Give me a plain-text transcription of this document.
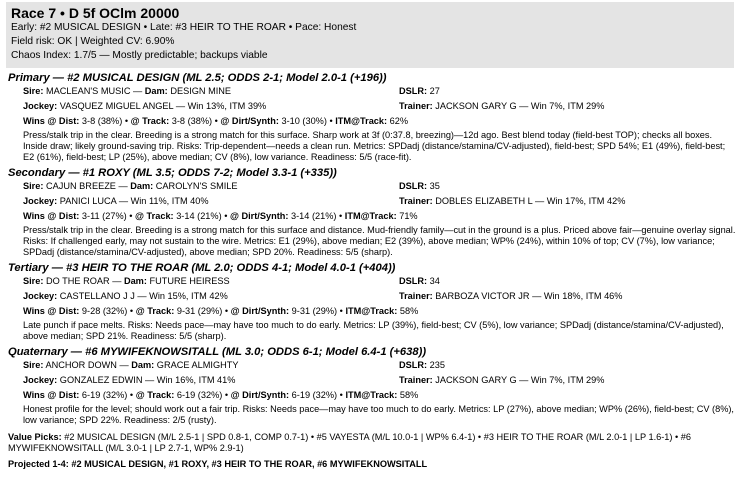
Race 7 • D 5f OClm 20000
Early: #2 MUSICAL DESIGN • Late: #3 HEIR TO THE ROAR • Pace: Honest
Field risk: OK | Weighted CV: 6.90%
Chaos Index: 1.7/5 — Mostly predictable; backups viable
Primary — #2 MUSICAL DESIGN (ML 2.5; ODDS 2-1; Model 2.0-1 (+196))
Sire: MACLEAN'S MUSIC — Dam: DESIGN MINE	DSLR: 27
Jockey: VASQUEZ MIGUEL ANGEL — Win 13%, ITM 39%	Trainer: JACKSON GARY G — Win 7%, ITM 29%
Wins @ Dist: 3-8 (38%) • @ Track: 3-8 (38%) • @ Dirt/Synth: 3-10 (30%) • ITM@Track: 62%
Press/stalk trip in the clear. Breeding is a strong match for this surface. Sharp work at 3f (0:37.8, breezing)—12d ago. Best blend today (field-best TOP); checks all boxes. Inside draw; likely ground-saving trip. Risks: Trip-dependent—needs a clean run. Metrics: SPDadj (distance/stamina/CV-adjusted), field-best; SPD 54%; E1 (49%), field-best; E2 (61%), field-best; LP (25%), above median; CV (8%), low variance. Readiness: 5/5 (race-fit).
Secondary — #1 ROXY (ML 3.5; ODDS 7-2; Model 3.3-1 (+335))
Sire: CAJUN BREEZE — Dam: CAROLYN'S SMILE	DSLR: 35
Jockey: PANICI LUCA — Win 11%, ITM 40%	Trainer: DOBLES ELIZABETH L — Win 17%, ITM 42%
Wins @ Dist: 3-11 (27%) • @ Track: 3-14 (21%) • @ Dirt/Synth: 3-14 (21%) • ITM@Track: 71%
Press/stalk trip in the clear. Breeding is a strong match for this surface and distance. Mud-friendly family—cut in the ground is a plus. Priced above fair—genuine overlay signal. Risks: If challenged early, may not sustain to the wire. Metrics: E1 (29%), above median; E2 (39%), above median; WP% (24%), within 10% of top; CV (7%), low variance; SPDadj (distance/stamina/CV-adjusted), above median; SPD 20%. Readiness: 5/5 (sharp).
Tertiary — #3 HEIR TO THE ROAR (ML 2.0; ODDS 4-1; Model 4.0-1 (+404))
Sire: DO THE ROAR — Dam: FUTURE HEIRESS	DSLR: 34
Jockey: CASTELLANO J J — Win 15%, ITM 42%	Trainer: BARBOZA VICTOR JR — Win 18%, ITM 46%
Wins @ Dist: 9-28 (32%) • @ Track: 9-31 (29%) • @ Dirt/Synth: 9-31 (29%) • ITM@Track: 58%
Late punch if pace melts. Risks: Needs pace—may have too much to do early. Metrics: LP (39%), field-best; CV (5%), low variance; SPDadj (distance/stamina/CV-adjusted), above median; SPD 21%. Readiness: 5/5 (sharp).
Quaternary — #6 MYWIFEKNOWSITALL (ML 3.0; ODDS 6-1; Model 6.4-1 (+638))
Sire: ANCHOR DOWN — Dam: GRACE ALMIGHTY	DSLR: 235
Jockey: GONZALEZ EDWIN — Win 16%, ITM 41%	Trainer: JACKSON GARY G — Win 7%, ITM 29%
Wins @ Dist: 6-19 (32%) • @ Track: 6-19 (32%) • @ Dirt/Synth: 6-19 (32%) • ITM@Track: 58%
Honest profile for the level; should work out a fair trip. Risks: Needs pace—may have too much to do early. Metrics: LP (27%), above median; WP% (26%), field-best; CV (8%), low variance; SPD 22%. Readiness: 2/5 (rusty).
Value Picks: #2 MUSICAL DESIGN (M/L 2.5-1 | SPD 0.8-1, COMP 0.7-1) • #5 VAYESTA (M/L 10.0-1 | WP% 6.4-1) • #3 HEIR TO THE ROAR (M/L 2.0-1 | LP 1.6-1) • #6 MYWIFEKNOWSITALL (M/L 3.0-1 | LP 2.7-1, WP% 2.9-1)
Projected 1-4: #2 MUSICAL DESIGN, #1 ROXY, #3 HEIR TO THE ROAR, #6 MYWIFEKNOWSITALL
